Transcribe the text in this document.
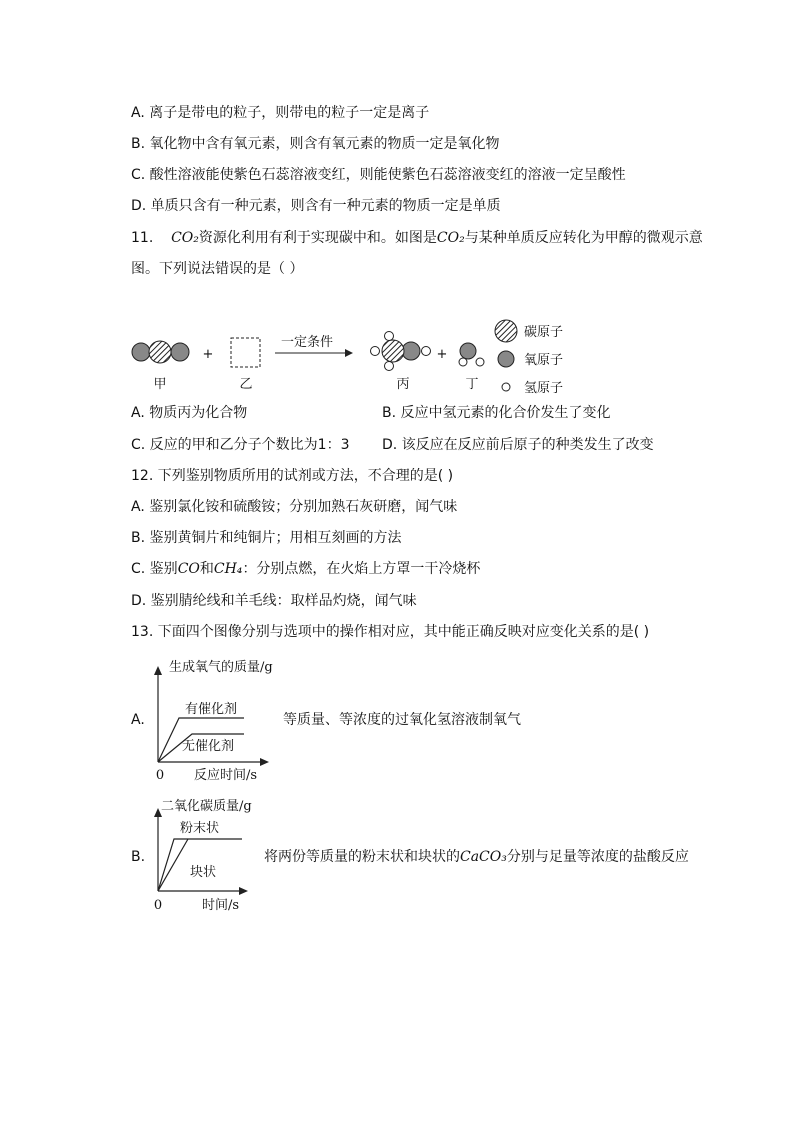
A. 离子是带电的粒子，则带电的粒子一定是离子
B. 氧化物中含有氧元素，则含有氧元素的物质一定是氧化物
C. 酸性溶液能使紫色石蕊溶液变红，则能使紫色石蕊溶液变红的溶液一定呈酸性
D. 单质只含有一种元素，则含有一种元素的物质一定是单质
11. CO₂资源化利用有利于实现碳中和。如图是CO₂与某种单质反应转化为甲醇的微观示意
图。下列说法错误的是（ ）
甲
+
乙
一定条件
丙
+
丁
碳原子
氧原子
氢原子
A. 物质丙为化合物	B. 反应中氢元素的化合价发生了变化
C. 反应的甲和乙分子个数比为1：3 D. 该反应在反应前后原子的种类发生了改变
12. 下列鉴别物质所用的试剂或方法，不合理的是( )
A. 鉴别氯化铵和硫酸铵；分别加熟石灰研磨，闻气味
B. 鉴别黄铜片和纯铜片；用相互刻画的方法
C. 鉴别CO和CH₄：分别点燃，在火焰上方罩一干冷烧杯
D. 鉴别腈纶线和羊毛线：取样品灼烧，闻气味
13. 下面四个图像分别与选项中的操作相对应，其中能正确反映对应变化关系的是( )
A.
生成氧气的质量/g
0 反应时间/s
有催化剂
无催化剂
等质量、等浓度的过氧化氢溶液制氧气
B.
二氧化碳质量/g
0	时间/s
粉末状
块状
将两份等质量的粉末状和块状的CaCO₃分别与足量等浓度的盐酸反应
